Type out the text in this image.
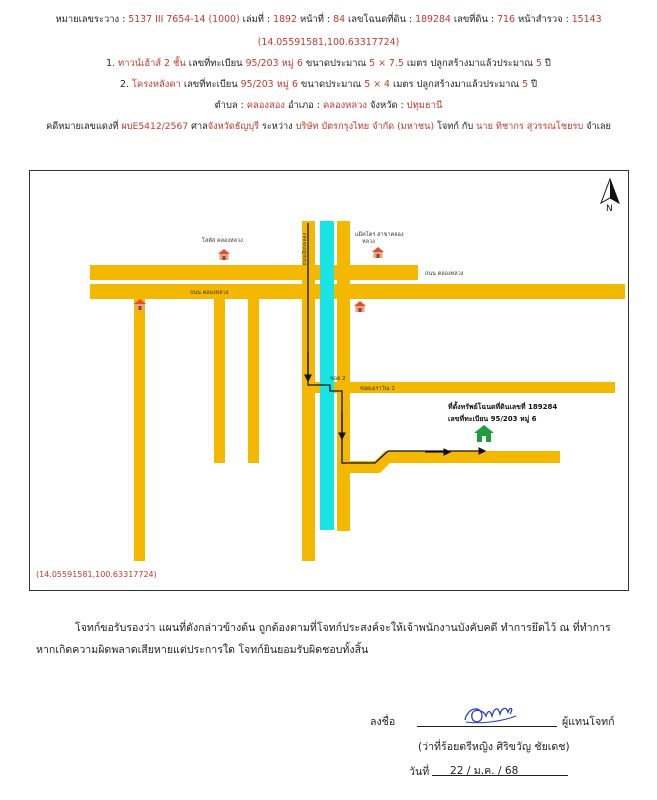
หมายเลขระวาง : 5137 III 7654-14 (1000) เล่มที่ : 1892 หน้าที่ : 84 เลขโฉนดที่ดิน : 189284 เลขที่ดิน : 716 หน้าสำรวจ : 15143
(14.05591581,100.63317724)
1. ทาวน์เฮ้าส์ 2 ชั้น เลขที่ทะเบียน 95/203 หมู่ 6 ขนาดประมาณ 5 × 7.5 เมตร ปลูกสร้างมาแล้วประมาณ 5 ปี
2. โครงหลังคา เลขที่ทะเบียน 95/203 หมู่ 6 ขนาดประมาณ 5 × 4 เมตร ปลูกสร้างมาแล้วประมาณ 5 ปี
ตำบล : คลองสอง อำเภอ : คลองหลวง จังหวัด : ปทุมธานี
คดีหมายเลขแดงที่ ผบE5412/2567 ศาลจังหวัดธัญบุรี ระหว่าง บริษัท บัตรกรุงไทย จำกัด (มหาชน) โจทก์ กับ นาย ทิชากร สุวรรณโชยรบ จำเลย
ถนน คลองหลวง
ถนน คลองหลวง
ถนนเลียบคลอง
ซอย 2
ซอยเอราวัณ 2
โลตัส คลองหลวง
แม็คโคร สาขาคลอง
หลวง
ที่ตั้งทรัพย์โฉนดที่ดินเลขที่ 189284
เลขที่ทะเบียน 95/203 หมู่ 6
N
(14.05591581,100.63317724)
โจทก์ขอรับรองว่า แผนที่ดังกล่าวข้างต้น ถูกต้องตามที่โจทก์ประสงค์จะให้เจ้าพนักงานบังคับคดี ทำการยึดไว้ ณ ที่ทำการ
หากเกิดความผิดพลาดเสียหายแต่ประการใด โจทก์ยินยอมรับผิดชอบทั้งสิ้น
ลงชื่อ	ผู้แทนโจทก์
(ว่าที่ร้อยตรีหญิง ศิริขวัญ ชัยเดช)
วันที่ 22 / ม.ค. / 68
